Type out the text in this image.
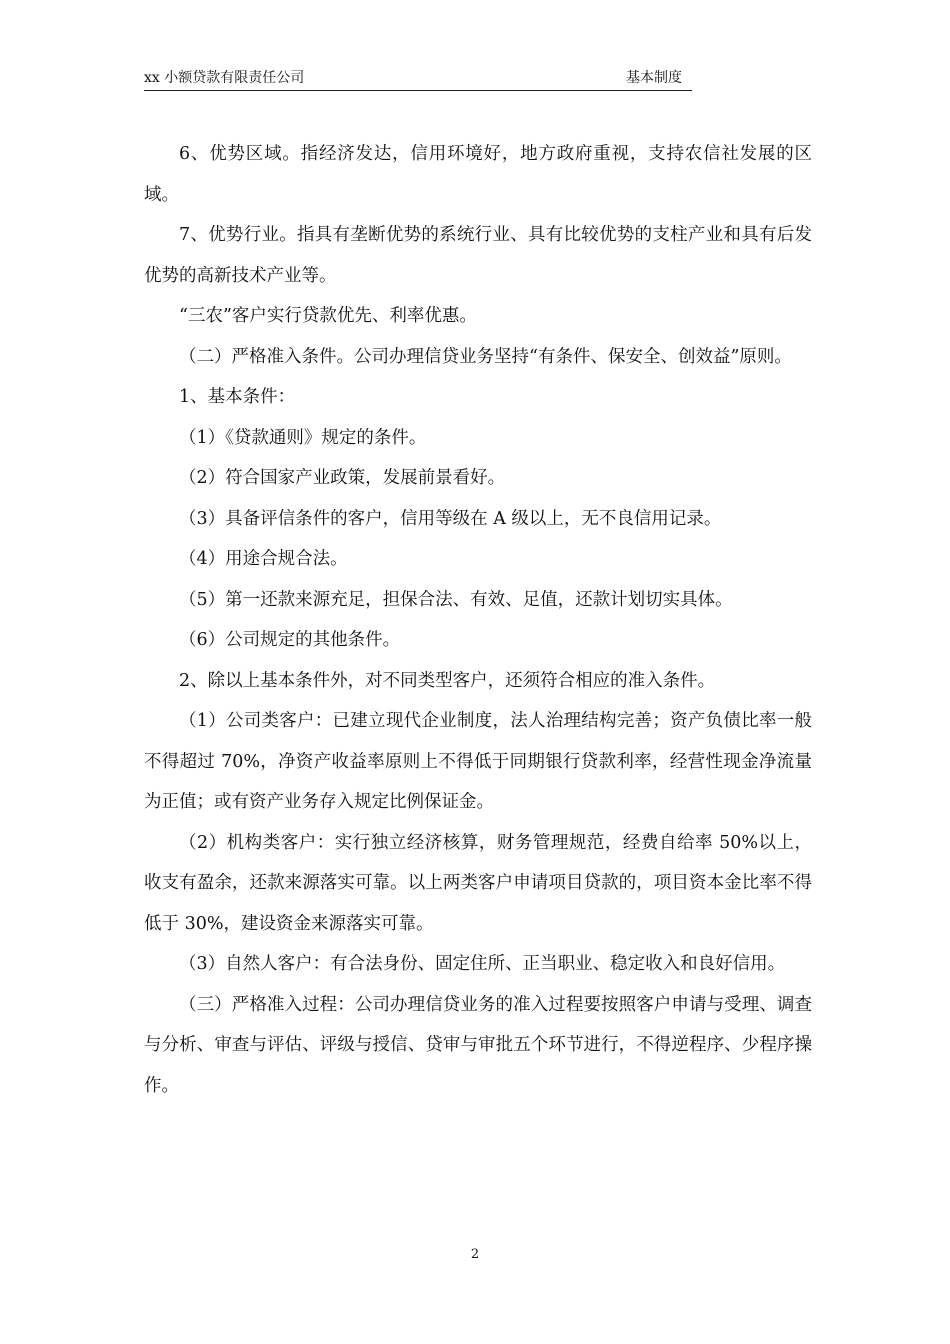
xx 小额贷款有限责任公司	基本制度

6、优势区域。指经济发达，信用环境好，地方政府重视，支持农信社发展的区域。

7、优势行业。指具有垄断优势的系统行业、具有比较优势的支柱产业和具有后发优势的高新技术产业等。

“三农”客户实行贷款优先、利率优惠。

（二）严格准入条件。公司办理信贷业务坚持“有条件、保安全、创效益”原则。

1、基本条件：

（1）《贷款通则》规定的条件。

（2）符合国家产业政策，发展前景看好。

（3）具备评信条件的客户，信用等级在 A 级以上，无不良信用记录。

（4）用途合规合法。

（5）第一还款来源充足，担保合法、有效、足值，还款计划切实具体。

（6）公司规定的其他条件。

2、除以上基本条件外，对不同类型客户，还须符合相应的准入条件。

（1）公司类客户：已建立现代企业制度，法人治理结构完善；资产负债比率一般不得超过 70%，净资产收益率原则上不得低于同期银行贷款利率，经营性现金净流量为正值；或有资产业务存入规定比例保证金。

（2）机构类客户：实行独立经济核算，财务管理规范，经费自给率 50%以上，收支有盈余，还款来源落实可靠。以上两类客户申请项目贷款的，项目资本金比率不得低于 30%，建设资金来源落实可靠。

（3）自然人客户：有合法身份、固定住所、正当职业、稳定收入和良好信用。

（三）严格准入过程：公司办理信贷业务的准入过程要按照客户申请与受理、调查与分析、审查与评估、评级与授信、贷审与审批五个环节进行，不得逆程序、少程序操作。

2
